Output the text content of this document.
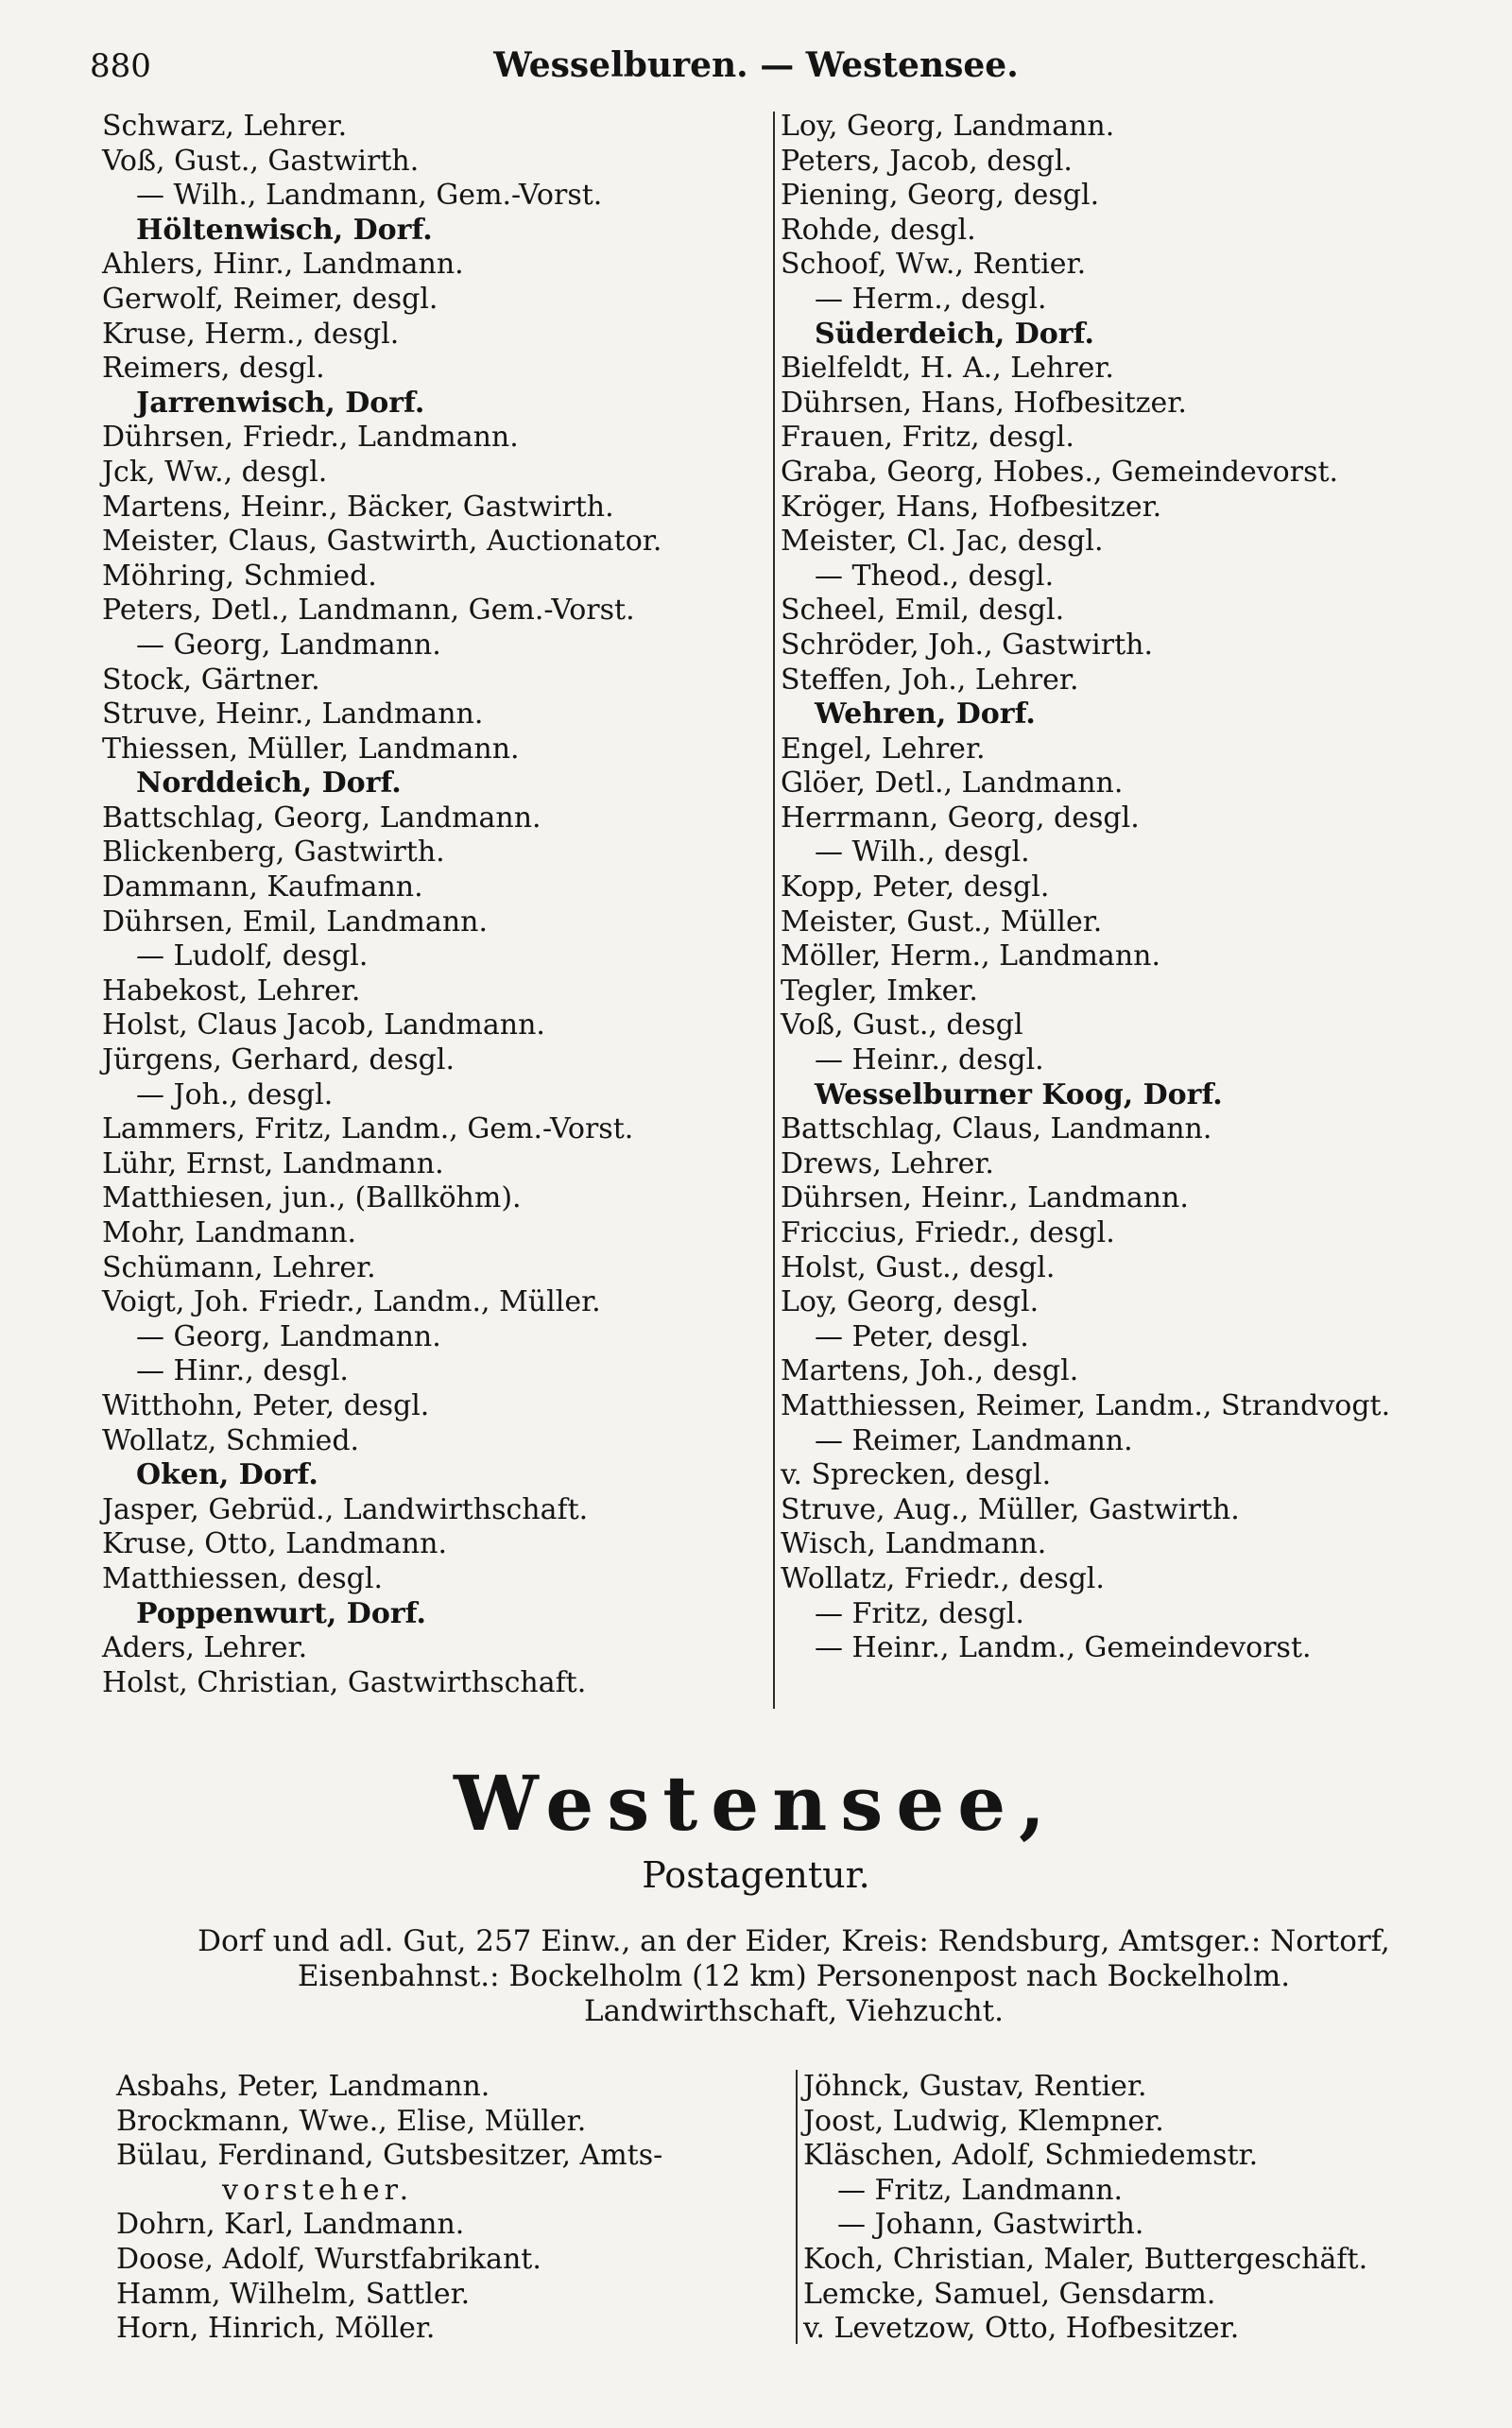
880	Wesselburen. — Westensee.
Schwarz, Lehrer.
Voß, Gust., Gastwirth.
— Wilh., Landmann, Gem.-Vorst.
Höltenwisch, Dorf.
Ahlers, Hinr., Landmann.
Gerwolf, Reimer, desgl.
Kruse, Herm., desgl.
Reimers, desgl.
Jarrenwisch, Dorf.
Dührsen, Friedr., Landmann.
Jck, Ww., desgl.
Martens, Heinr., Bäcker, Gastwirth.
Meister, Claus, Gastwirth, Auctionator.
Möhring, Schmied.
Peters, Detl., Landmann, Gem.-Vorst.
— Georg, Landmann.
Stock, Gärtner.
Struve, Heinr., Landmann.
Thiessen, Müller, Landmann.
Norddeich, Dorf.
Battschlag, Georg, Landmann.
Blickenberg, Gastwirth.
Dammann, Kaufmann.
Dührsen, Emil, Landmann.
— Ludolf, desgl.
Habekost, Lehrer.
Holst, Claus Jacob, Landmann.
Jürgens, Gerhard, desgl.
— Joh., desgl.
Lammers, Fritz, Landm., Gem.-Vorst.
Lühr, Ernst, Landmann.
Matthiesen, jun., (Ballköhm).
Mohr, Landmann.
Schümann, Lehrer.
Voigt, Joh. Friedr., Landm., Müller.
— Georg, Landmann.
— Hinr., desgl.
Witthohn, Peter, desgl.
Wollatz, Schmied.
Oken, Dorf.
Jasper, Gebrüd., Landwirthschaft.
Kruse, Otto, Landmann.
Matthiessen, desgl.
Poppenwurt, Dorf.
Aders, Lehrer.
Holst, Christian, Gastwirthschaft.
Loy, Georg, Landmann.
Peters, Jacob, desgl.
Piening, Georg, desgl.
Rohde, desgl.
Schoof, Ww., Rentier.
— Herm., desgl.
Süderdeich, Dorf.
Bielfeldt, H. A., Lehrer.
Dührsen, Hans, Hofbesitzer.
Frauen, Fritz, desgl.
Graba, Georg, Hobes., Gemeindevorst.
Kröger, Hans, Hofbesitzer.
Meister, Cl. Jac, desgl.
— Theod., desgl.
Scheel, Emil, desgl.
Schröder, Joh., Gastwirth.
Steffen, Joh., Lehrer.
Wehren, Dorf.
Engel, Lehrer.
Glöer, Detl., Landmann.
Herrmann, Georg, desgl.
— Wilh., desgl.
Kopp, Peter, desgl.
Meister, Gust., Müller.
Möller, Herm., Landmann.
Tegler, Imker.
Voß, Gust., desgl
— Heinr., desgl.
Wesselburner Koog, Dorf.
Battschlag, Claus, Landmann.
Drews, Lehrer.
Dührsen, Heinr., Landmann.
Friccius, Friedr., desgl.
Holst, Gust., desgl.
Loy, Georg, desgl.
— Peter, desgl.
Martens, Joh., desgl.
Matthiessen, Reimer, Landm., Strandvogt.
— Reimer, Landmann.
v. Sprecken, desgl.
Struve, Aug., Müller, Gastwirth.
Wisch, Landmann.
Wollatz, Friedr., desgl.
— Fritz, desgl.
— Heinr., Landm., Gemeindevorst.
Westensee,
Postagentur.
Dorf und adl. Gut, 257 Einw., an der Eider, Kreis: Rendsburg, Amtsger.: Nortorf,
Eisenbahnst.: Bockelholm (12 km) Personenpost nach Bockelholm.
Landwirthschaft, Viehzucht.
Asbahs, Peter, Landmann.
Brockmann, Wwe., Elise, Müller.
Bülau, Ferdinand, Gutsbesitzer, Amts-
vorsteher.
Dohrn, Karl, Landmann.
Doose, Adolf, Wurstfabrikant.
Hamm, Wilhelm, Sattler.
Horn, Hinrich, Möller.
Jöhnck, Gustav, Rentier.
Joost, Ludwig, Klempner.
Kläschen, Adolf, Schmiedemstr.
— Fritz, Landmann.
— Johann, Gastwirth.
Koch, Christian, Maler, Buttergeschäft.
Lemcke, Samuel, Gensdarm.
v. Levetzow, Otto, Hofbesitzer.
